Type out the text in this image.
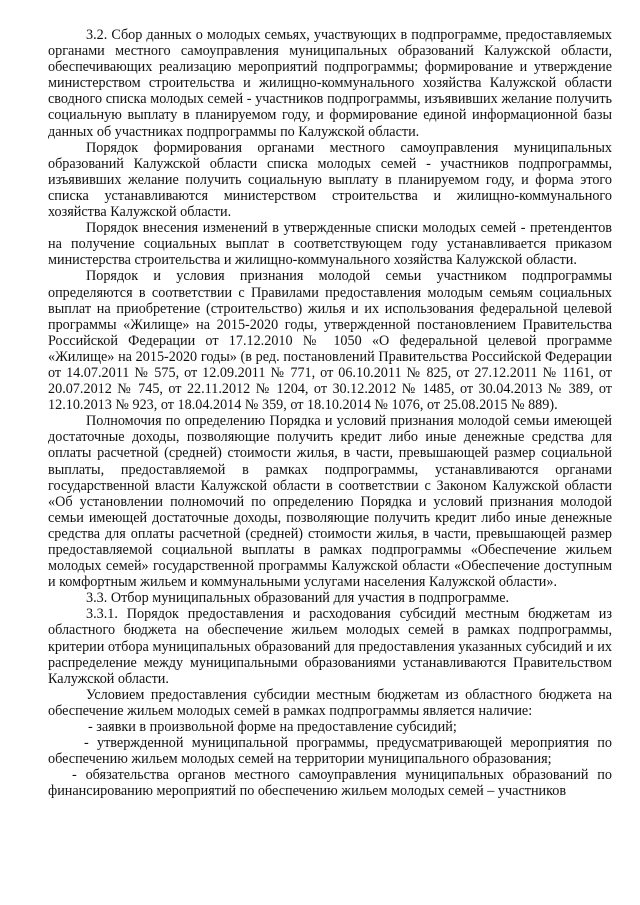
3.2. Сбор данных о молодых семьях, участвующих в подпрограмме, предоставляемых органами местного самоуправления муниципальных образований Калужской области, обеспечивающих реализацию мероприятий подпрограммы; формирование и утверждение министерством строительства и жилищно-коммунального хозяйства Калужской области сводного списка молодых семей - участников подпрограммы, изъявивших желание получить социальную выплату в планируемом году, и формирование единой информационной базы данных об участниках подпрограммы по Калужской области.

Порядок формирования органами местного самоуправления муниципальных образований Калужской области списка молодых семей - участников подпрограммы, изъявивших желание получить социальную выплату в планируемом году, и форма этого списка устанавливаются министерством строительства и жилищно-коммунального хозяйства Калужской области.

Порядок внесения изменений в утвержденные списки молодых семей - претендентов на получение социальных выплат в соответствующем году устанавливается приказом министерства строительства и жилищно-коммунального хозяйства Калужской области.

Порядок и условия признания молодой семьи участником подпрограммы определяются в соответствии с Правилами предоставления молодым семьям социальных выплат на приобретение (строительство) жилья и их использования федеральной целевой программы «Жилище» на 2015-2020 годы, утвержденной постановлением Правительства Российской Федерации от 17.12.2010 № 1050 «О федеральной целевой программе «Жилище» на 2015-2020 годы» (в ред. постановлений Правительства Российской Федерации от 14.07.2011 № 575, от 12.09.2011 № 771, от 06.10.2011 № 825, от 27.12.2011 № 1161, от 20.07.2012 № 745, от 22.11.2012 № 1204, от 30.12.2012 № 1485, от 30.04.2013 № 389, от 12.10.2013 № 923, от 18.04.2014 № 359, от 18.10.2014 № 1076, от 25.08.2015 № 889).

Полномочия по определению Порядка и условий признания молодой семьи имеющей достаточные доходы, позволяющие получить кредит либо иные денежные средства для оплаты расчетной (средней) стоимости жилья, в части, превышающей размер социальной выплаты, предоставляемой в рамках подпрограммы, устанавливаются органами государственной власти Калужской области в соответствии с Законом Калужской области «Об установлении полномочий по определению Порядка и условий признания молодой семьи имеющей достаточные доходы, позволяющие получить кредит либо иные денежные средства для оплаты расчетной (средней) стоимости жилья, в части, превышающей размер предоставляемой социальной выплаты в рамках подпрограммы «Обеспечение жильем молодых семей» государственной программы Калужской области «Обеспечение доступным и комфортным жильем и коммунальными услугами населения Калужской области».

3.3. Отбор муниципальных образований для участия в подпрограмме.

3.3.1. Порядок предоставления и расходования субсидий местным бюджетам из областного бюджета на обеспечение жильем молодых семей в рамках подпрограммы, критерии отбора муниципальных образований для предоставления указанных субсидий и их распределение между муниципальными образованиями устанавливаются Правительством Калужской области.

Условием предоставления субсидии местным бюджетам из областного бюджета на обеспечение жильем молодых семей в рамках подпрограммы является наличие:

- заявки в произвольной форме на предоставление субсидий;

- утвержденной муниципальной программы, предусматривающей мероприятия по обеспечению жильем молодых семей на территории муниципального образования;

- обязательства органов местного самоуправления муниципальных образований по финансированию мероприятий по обеспечению жильем молодых семей – участников
